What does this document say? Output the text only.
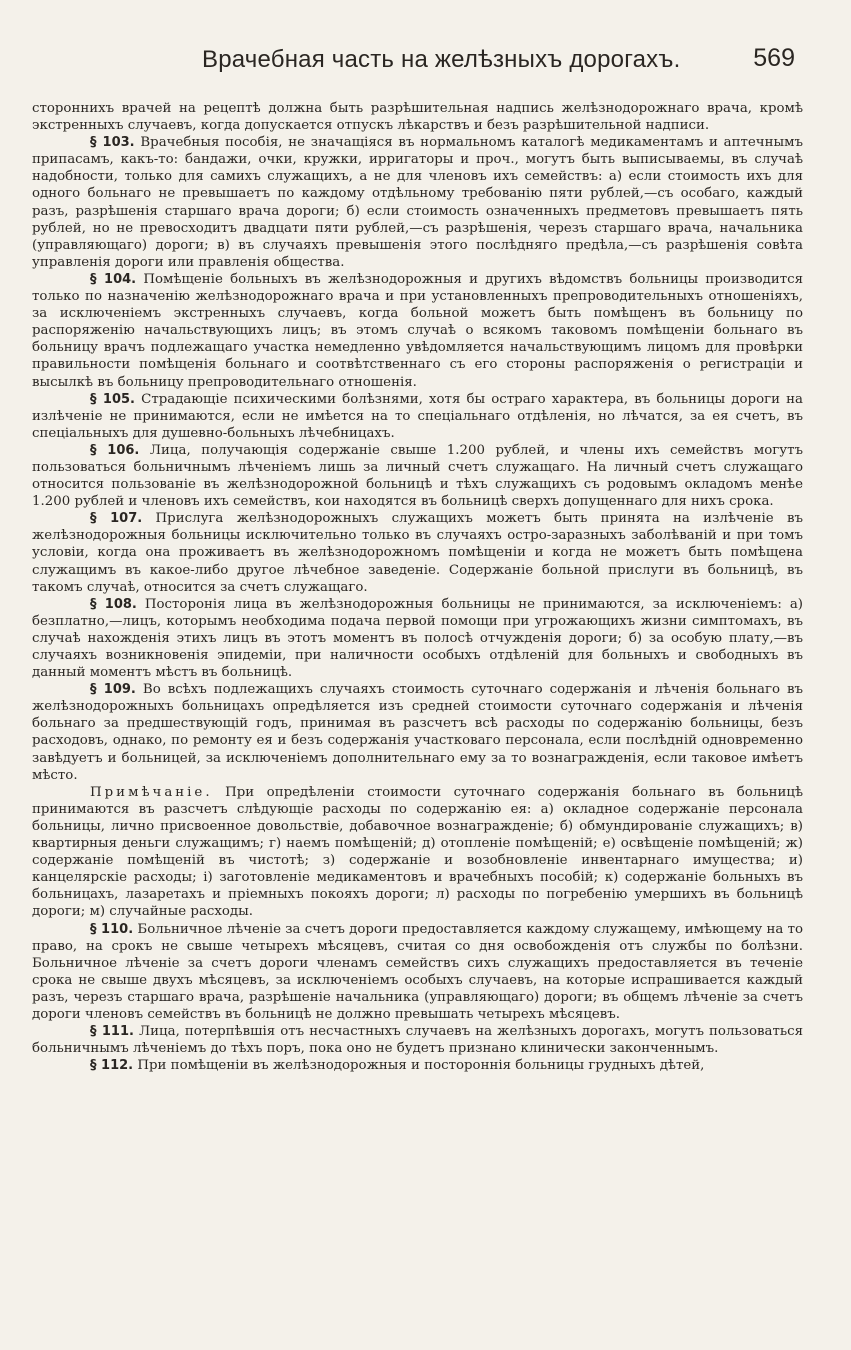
Врачебная часть на желѣзныхъ дорогахъ.	569

стороннихъ врачей на рецептѣ должна быть разрѣшительная надпись желѣзнодорожнаго врача, кромѣ экстренныхъ случаевъ, когда допускается отпускъ лѣкарствъ и безъ разрѣшительной надписи.

§ 103. Врачебныя пособія, не значащіяся въ нормальномъ каталогѣ медикаментамъ и аптечнымъ припасамъ, какъ-то: бандажи, очки, кружки, ирригаторы и проч., могутъ быть выписываемы, въ случаѣ надобности, только для самихъ служащихъ, а не для членовъ ихъ семействъ: а) если стоимость ихъ для одного больнаго не превышаетъ по каждому отдѣльному требованію пяти рублей,—съ особаго, каждый разъ, разрѣшенія старшаго врача дороги; б) если стоимость означенныхъ предметовъ превышаетъ пять рублей, но не превосходитъ двадцати пяти рублей,—съ разрѣшенія, черезъ старшаго врача, начальника (управляющаго) дороги; в) въ случаяхъ превышенія этого послѣдняго предѣла,—съ разрѣшенія совѣта управленія дороги или правленія общества.

§ 104. Помѣщеніе больныхъ въ желѣзнодорожныя и другихъ вѣдомствъ больницы производится только по назначенію желѣзнодорожнаго врача и при установленныхъ препроводительныхъ отношеніяхъ, за исключеніемъ экстренныхъ случаевъ, когда больной можетъ быть помѣщенъ въ больницу по распоряженію начальствующихъ лицъ; въ этомъ случаѣ о всякомъ таковомъ помѣщеніи больнаго въ больницу врачъ подлежащаго участка немедленно увѣдомляется начальствующимъ лицомъ для провѣрки правильности помѣщенія больнаго и соотвѣтственнаго съ его стороны распоряженія о регистраціи и высылкѣ въ больницу препроводительнаго отношенія.

§ 105. Страдающіе психическими болѣзнями, хотя бы остраго характера, въ больницы дороги на излѣченіе не принимаются, если не имѣется на то спеціальнаго отдѣленія, но лѣчатся, за ея счетъ, въ спеціальныхъ для душевно-больныхъ лѣчебницахъ.

§ 106. Лица, получающія содержаніе свыше 1.200 рублей, и члены ихъ семействъ могутъ пользоваться больничнымъ лѣченіемъ лишь за личный счетъ служащаго. На личный счетъ служащаго относится пользованіе въ желѣзнодорожной больницѣ и тѣхъ служащихъ съ родовымъ окладомъ менѣе 1.200 рублей и членовъ ихъ семействъ, кои находятся въ больницѣ сверхъ допущеннаго для нихъ срока.

§ 107. Прислуга желѣзнодорожныхъ служащихъ можетъ быть принята на излѣченіе въ желѣзнодорожныя больницы исключительно только въ случаяхъ остро-заразныхъ заболѣваній и при томъ условіи, когда она проживаетъ въ желѣзнодорожномъ помѣщеніи и когда не можетъ быть помѣщена служащимъ въ какое-либо другое лѣчебное заведеніе. Содержаніе больной прислуги въ больницѣ, въ такомъ случаѣ, относится за счетъ служащаго.

§ 108. Посторонія лица въ желѣзнодорожныя больницы не принимаются, за исключеніемъ: а) безплатно,—лицъ, которымъ необходима подача первой помощи при угрожающихъ жизни симптомахъ, въ случаѣ нахожденія этихъ лицъ въ этотъ моментъ въ полосѣ отчужденія дороги; б) за особую плату,—въ случаяхъ возникновенія эпидеміи, при наличности особыхъ отдѣленій для больныхъ и свободныхъ въ данный моментъ мѣстъ въ больницѣ.

§ 109. Во всѣхъ подлежащихъ случаяхъ стоимость суточнаго содержанія и лѣченія больнаго въ желѣзнодорожныхъ больницахъ опредѣляется изъ средней стоимости суточнаго содержанія и лѣченія больнаго за предшествующій годъ, принимая въ разсчетъ всѣ расходы по содержанію больницы, безъ расходовъ, однако, по ремонту ея и безъ содержанія участковаго персонала, если послѣдній одновременно завѣдуетъ и больницей, за исключеніемъ дополнительнаго ему за то вознагражденія, если таковое имѣетъ мѣсто.

Примѣчаніе. При опредѣленіи стоимости суточнаго содержанія больнаго въ больницѣ принимаются въ разсчетъ слѣдующіе расходы по содержанію ея: а) окладное содержаніе персонала больницы, лично присвоенное довольствіе, добавочное вознагражденіе; б) обмундированіе служащихъ; в) квартирныя деньги служащимъ; г) наемъ помѣщеній; д) отопленіе помѣщеній; е) освѣщеніе помѣщеній; ж) содержаніе помѣщеній въ чистотѣ; з) содержаніе и возобновленіе инвентарнаго имущества; и) канцелярскіе расходы; і) заготовленіе медикаментовъ и врачебныхъ пособій; к) содержаніе больныхъ въ больницахъ, лазаретахъ и пріемныхъ покояхъ дороги; л) расходы по погребенію умершихъ въ больницѣ дороги; м) случайные расходы.

§ 110. Больничное лѣченіе за счетъ дороги предоставляется каждому служащему, имѣющему на то право, на срокъ не свыше четырехъ мѣсяцевъ, считая со дня освобожденія отъ службы по болѣзни. Больничное лѣченіе за счетъ дороги членамъ семействъ сихъ служащихъ предоставляется въ теченіе срока не свыше двухъ мѣсяцевъ, за исключеніемъ особыхъ случаевъ, на которые испрашивается каждый разъ, черезъ старшаго врача, разрѣшеніе начальника (управляющаго) дороги; въ общемъ лѣченіе за счетъ дороги членовъ семействъ въ больницѣ не должно превышать четырехъ мѣсяцевъ.

§ 111. Лица, потерпѣвшія отъ несчастныхъ случаевъ на желѣзныхъ дорогахъ, могутъ пользоваться больничнымъ лѣченіемъ до тѣхъ поръ, пока оно не будетъ признано клинически законченнымъ.

§ 112. При помѣщеніи въ желѣзнодорожныя и постороннія больницы грудныхъ дѣтей,
